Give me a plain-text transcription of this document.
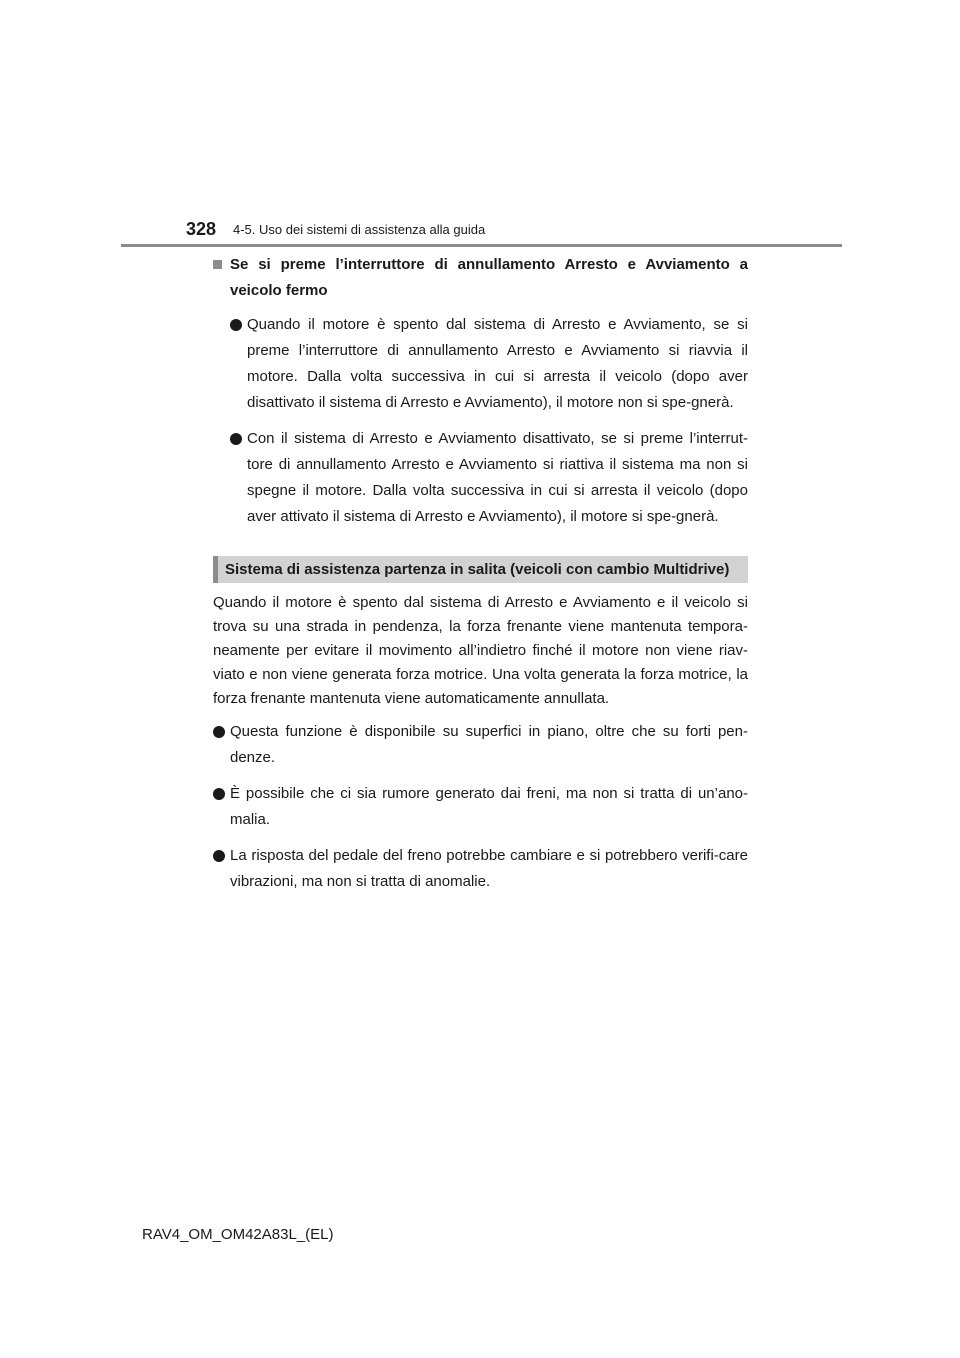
328 4-5. Uso dei sistemi di assistenza alla guida
Se si preme l’interruttore di annullamento Arresto e Avviamento a veicolo fermo
Quando il motore è spento dal sistema di Arresto e Avviamento, se si preme l’interruttore di annullamento Arresto e Avviamento si riavvia il motore. Dalla volta successiva in cui si arresta il veicolo (dopo aver disattivato il sistema di Arresto e Avviamento), il motore non si spe-gnerà.
Con il sistema di Arresto e Avviamento disattivato, se si preme l’interrut-tore di annullamento Arresto e Avviamento si riattiva il sistema ma non si spegne il motore. Dalla volta successiva in cui si arresta il veicolo (dopo aver attivato il sistema di Arresto e Avviamento), il motore si spe-gnerà.
Sistema di assistenza partenza in salita (veicoli con cambio Multidrive)

Quando il motore è spento dal sistema di Arresto e Avviamento e il veicolo si trova su una strada in pendenza, la forza frenante viene mantenuta tempora-neamente per evitare il movimento all’indietro finché il motore non viene riav-viato e non viene generata forza motrice. Una volta generata la forza motrice, la forza frenante mantenuta viene automaticamente annullata.

Questa funzione è disponibile su superfici in piano, oltre che su forti pen-denze.
È possibile che ci sia rumore generato dai freni, ma non si tratta di un’ano-malia.
La risposta del pedale del freno potrebbe cambiare e si potrebbero verifi-care vibrazioni, ma non si tratta di anomalie.
RAV4_OM_OM42A83L_(EL)
